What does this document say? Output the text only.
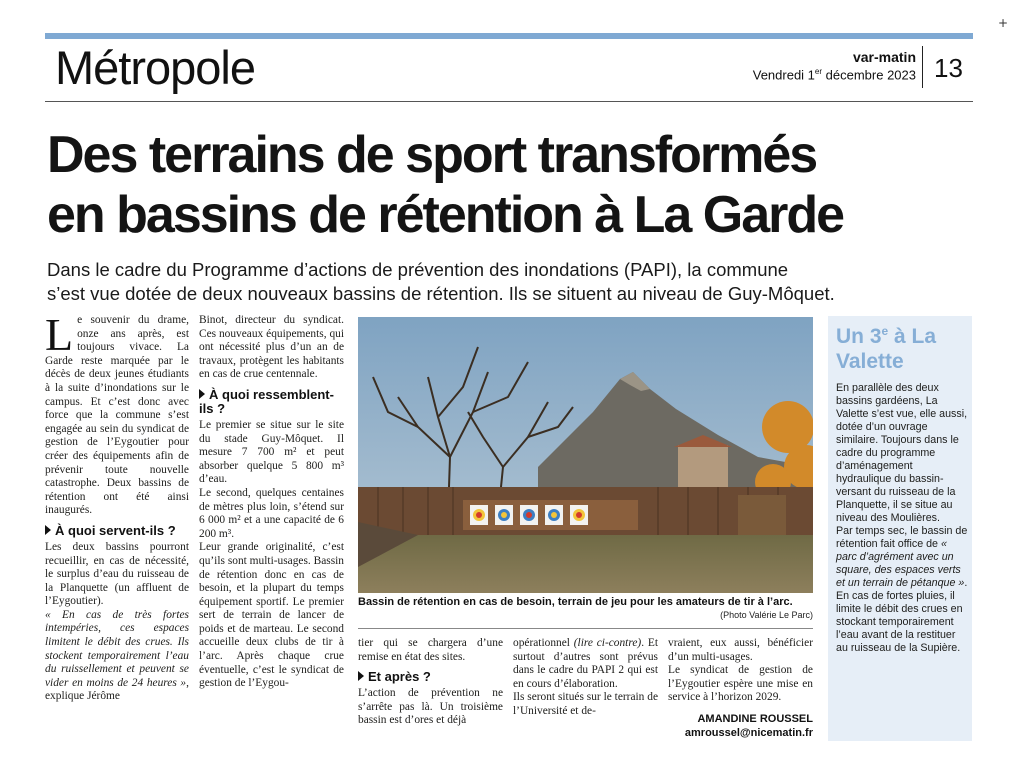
+
Métropole	var-matin
Vendredi 1er décembre 2023 13
Des terrains de sport transformés
en bassins de rétention à La Garde
Dans le cadre du Programme d’actions de prévention des inondations (PAPI), la commune
s’est vue dotée de deux nouveaux bassins de rétention. Ils se situent au niveau de Guy-Môquet.

Le souvenir du drame, onze ans après, est toujours vivace. La Garde reste marquée par le décès de deux jeunes étudiants à la suite d’inondations sur le campus. Et c’est donc avec force que la commune s’est engagée au sein du syndicat de gestion de l’Eygoutier pour créer des équipements afin de prévenir toute nouvelle catastrophe. Deux bassins de rétention ont été ainsi inaugurés.

À quoi servent-ils ?

Les deux bassins pourront recueillir, en cas de nécessité, le surplus d’eau du ruisseau de la Planquette (un affluent de l’Eygoutier).

« En cas de très fortes intempéries, ces espaces limitent le débit des crues. Ils stockent temporairement l’eau du ruissellement et peuvent se vider en moins de 24 heures », explique Jérôme

Binot, directeur du syndicat. Ces nouveaux équipements, qui ont nécessité plus d’un an de travaux, protègent les habitants en cas de crue centennale.

À quoi ressemblent-ils ?

Le premier se situe sur le site du stade Guy-Môquet. Il mesure 7 700 m² et peut absorber quelque 5 800 m³ d’eau.

Le second, quelques centaines de mètres plus loin, s’étend sur 6 000 m² et a une capacité de 6 200 m³.

Leur grande originalité, c’est qu’ils sont multi-usages. Bassin de rétention donc en cas de besoin, et la plupart du temps équipement sportif. Le premier sert de terrain de lancer de poids et de marteau. Le second accueille deux clubs de tir à l’arc. Après chaque crue éventuelle, c’est le syndicat de gestion de l’Eygou-

Bassin de rétention en cas de besoin, terrain de jeu pour les amateurs de tir à l’arc.
(Photo Valérie Le Parc)

tier qui se chargera d’une remise en état des sites.

Et après ?

L’action de prévention ne s’arrête pas là. Un troisième bassin est d’ores et déjà

opérationnel (lire ci-contre). Et surtout d’autres sont prévus dans le cadre du PAPI 2 qui est en cours d’élaboration.

Ils seront situés sur le terrain de l’Université et de-

vraient, eux aussi, bénéficier d’un multi-usages.

Le syndicat de gestion de l’Eygoutier espère une mise en service à l’horizon 2029.

AMANDINE ROUSSEL
amroussel@nicematin.fr
Un 3e à La Valette

En parallèle des deux bassins gardéens, La Valette s’est vue, elle aussi, dotée d’un ouvrage similaire. Toujours dans le cadre du programme d’aménagement hydraulique du bassin-versant du ruisseau de la Planquette, il se situe au niveau des Moulières.

Par temps sec, le bassin de rétention fait office de « parc d’agrément avec un square, des espaces verts et un terrain de pétanque ».

En cas de fortes pluies, il limite le débit des crues en stockant temporairement l’eau avant de la restituer au ruisseau de la Supière.
